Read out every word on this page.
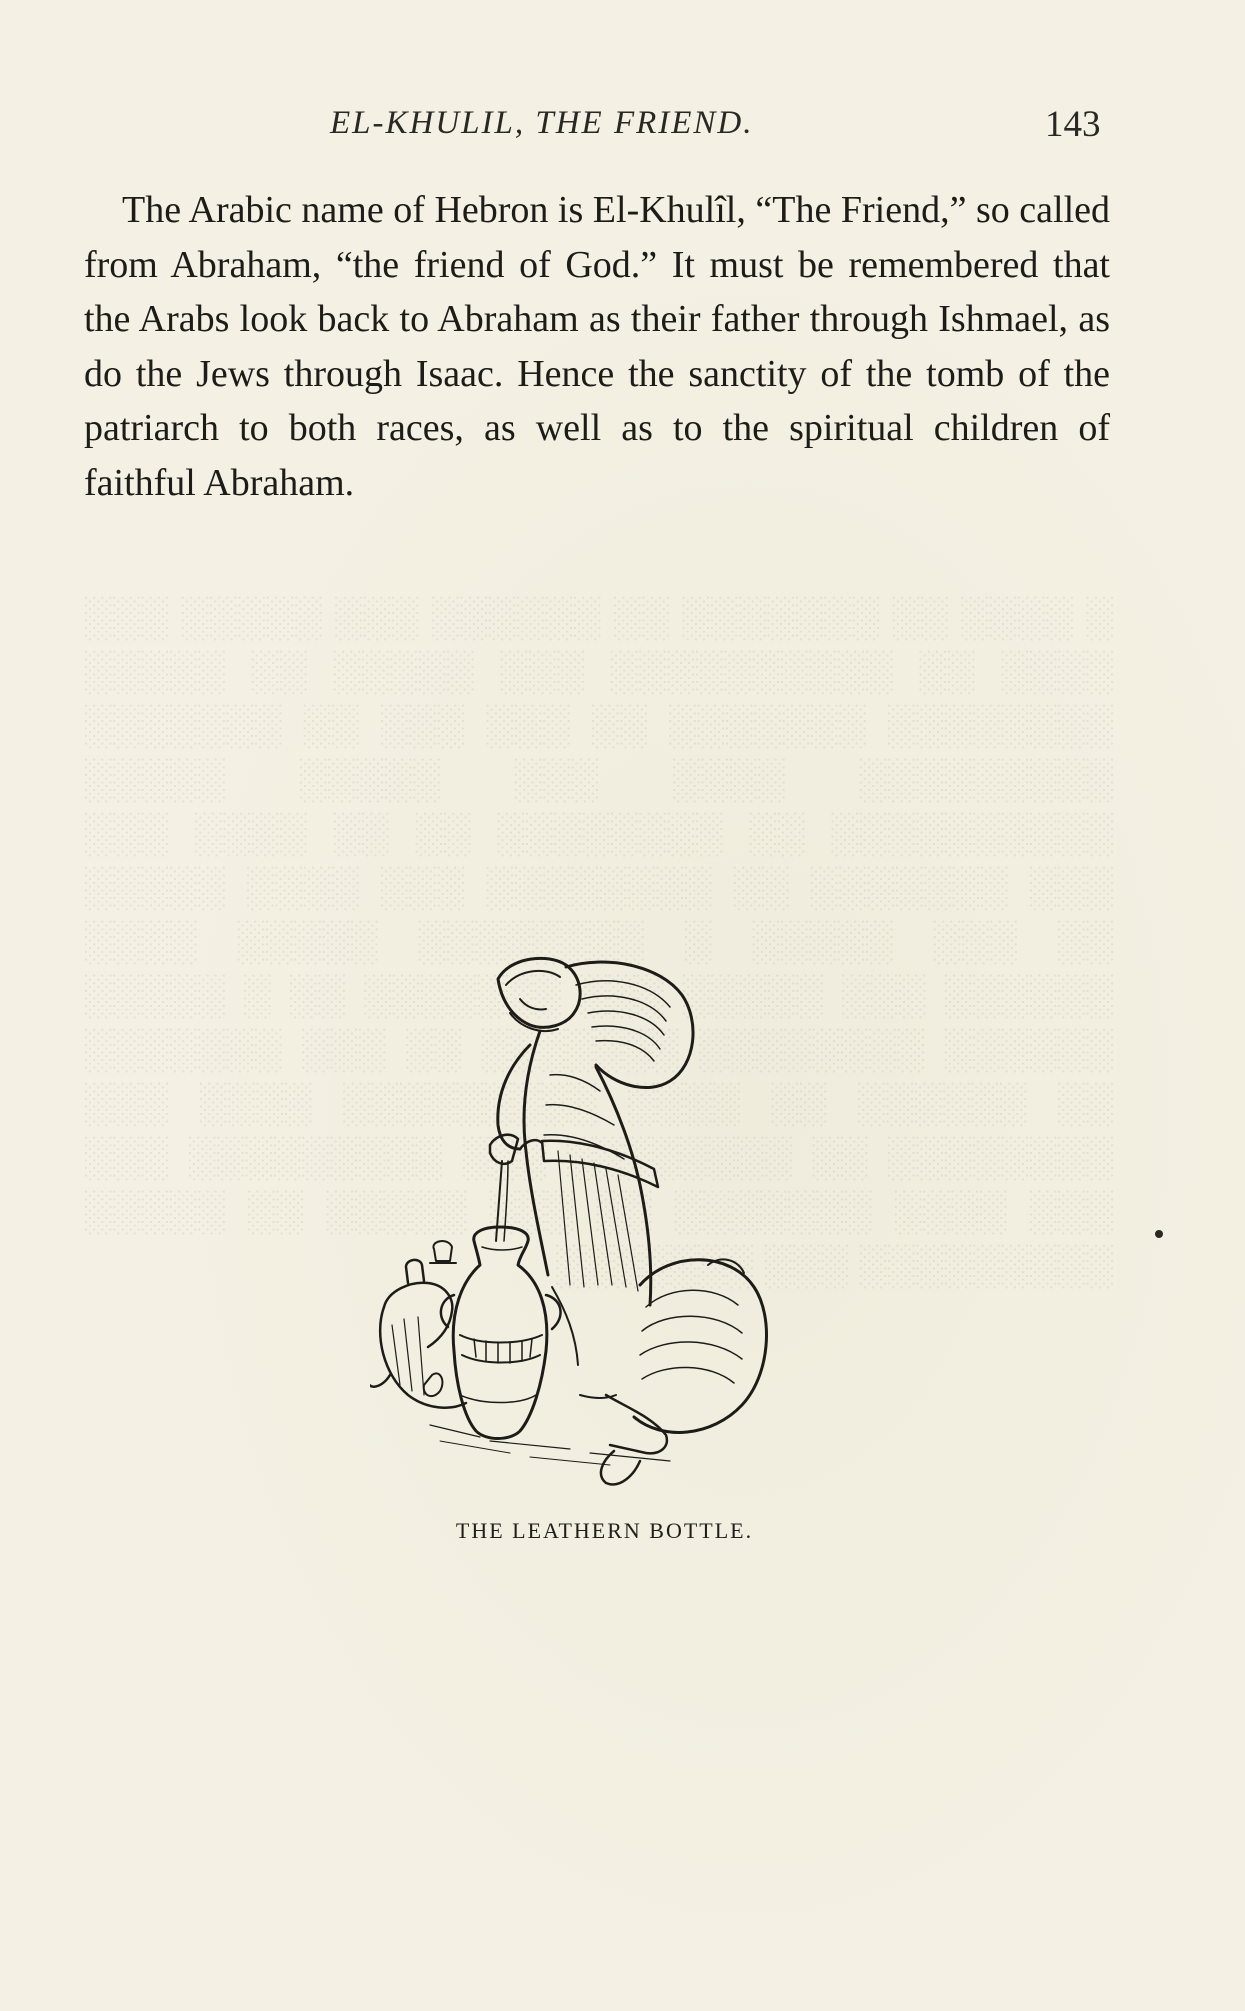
░ ░░░░ ░░ ░░░░░░░ ░░ ░░░░░░ ░░░ ░░░░░ ░░░ ░░░░ ░░ ░░░░░░░░░░ ░░░ ░░░░░ ░░ ░░░░░ ░░░░░░░░ ░░░░░░░ ░░ ░░░ ░░░ ░░ ░░░░░░░ ░░░░░░░░░ ░░░░ ░░░ ░░░░░ ░░░░░ ░░░░░░░░░░ ░░ ░░░░░░░░ ░░ ░░ ░░░░ ░░░ ░░░ ░░░░░░░ ░░ ░░░░░░░░ ░░░ ░░░░ ░░░░░ ░░ ░░░ ░░░░░ ░ ░░░░░░░░ ░░░░░ ░░░░ ░░░░░░ ░░░ ░░░░░ ░░░ ░░░░░░░ ░░ ░ ░░░░░ ░░░░░░ ░░░░░░░░ ░░░░░░░ ░░ ░░░ ░░░░░░░ ░░ ░░░░░░ ░░ ░░░░ ░░░░░░░░░ ░░░░ ░░░ ░░░░░░░░ ░░ ░░░░░░░░ ░░░ ░░░░░░░░░ ░░░ ░░░ ░░░░ ░░░░░░░ ░░ ░░░ ░░░░░ ░░ ░░░░░ ░░░░░░░░░ ░░░ ░░░░░░░
EL-KHULIL, THE FRIEND.	143

The Arabic name of Hebron is El-Khulîl, “The Friend,” so called from Abraham, “the friend of God.” It must be remembered that the Arabs look back to Abraham as their father through Ishmael, as do the Jews through Isaac. Hence the sanctity of the tomb of the patriarch to both races, as well as to the spiritual children of faithful Abraham.

THE LEATHERN BOTTLE.
